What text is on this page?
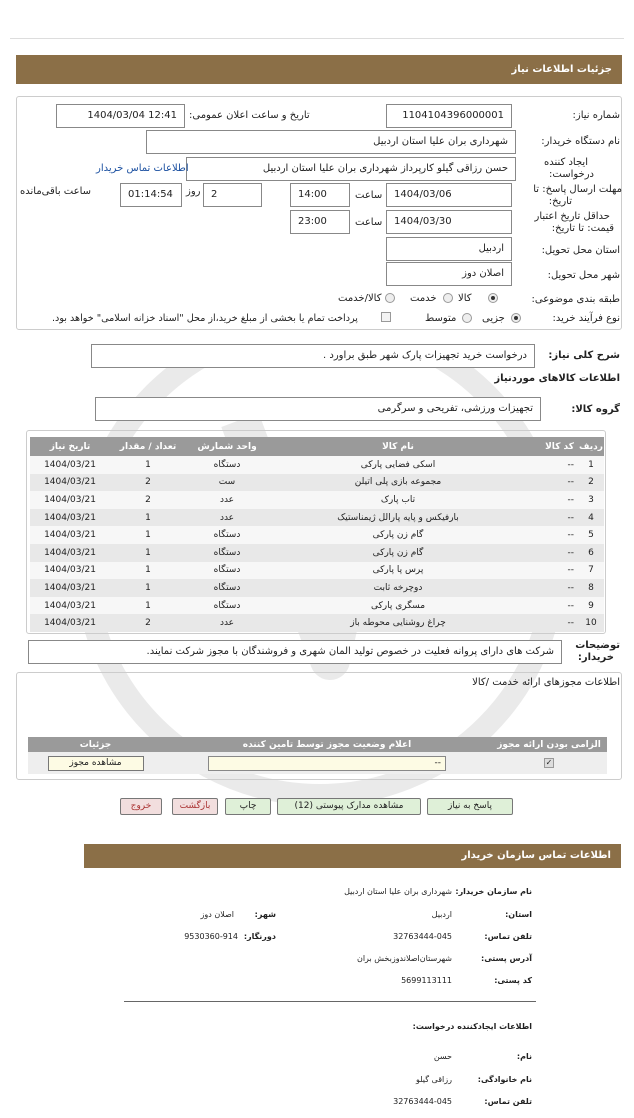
جزئیات اطلاعات نیاز
شماره نیاز:
1104104396000001
تاریخ و ساعت اعلان عمومی:
1404/03/04 12:41
نام دستگاه خریدار:
شهرداری بران علیا استان اردبیل
ایجاد کننده
درخواست:
حسن رزاقی گیلو کارپرداز شهرداری بران علیا استان اردبیل
اطلاعات تماس خریدار
مهلت ارسال پاسخ: تا
تاریخ:
1404/03/06
ساعت
14:00
2
روز
01:14:54
ساعت باقی‌مانده
حداقل تاریخ اعتبار
قیمت: تا تاریخ:
1404/03/30
ساعت
23:00
استان محل تحویل:
اردبیل
شهر محل تحویل:
اصلان دوز
طبقه بندی موضوعی:
کالا
خدمت
کالا/خدمت
نوع فرآیند خرید:
جزیی
متوسط
پرداخت تمام یا بخشی از مبلغ خرید،از محل "اسناد خزانه اسلامی" خواهد بود.
شرح کلی نیاز:
درخواست خرید تجهیزات پارک شهر طبق براورد .
اطلاعات کالاهای موردنیاز
گروه کالا:
تجهیزات ورزشی، تفریحی و سرگرمی
ردیف	کد کالا	نام کالا	واحد شمارش	تعداد / مقدار	تاریخ نیاز
1	--	اسکی فضایی پارکی	دستگاه	1	1404/03/21
2	--	مجموعه بازی پلی اتیلن	ست	2	1404/03/21
3	--	تاب پارک	عدد	2	1404/03/21
4	--	بارفیکس و پایه پارالل ژیمناستیک	عدد	1	1404/03/21
5	--	گام زن پارکی	دستگاه	1	1404/03/21
6	--	گام زن پارکی	دستگاه	1	1404/03/21
7	--	پرس پا پارکی	دستگاه	1	1404/03/21
8	--	دوچرخه ثابت	دستگاه	1	1404/03/21
9	--	مسگری پارکی	دستگاه	1	1404/03/21
10	--	چراغ روشنایی محوطه باز	عدد	2	1404/03/21
توضیحات
خریدار:
شرکت های دارای پروانه فعلیت در خصوص تولید المان شهری و فروشندگان با مجوز شرکت نمایند.
اطلاعات مجوزهای ارائه خدمت /کالا
الزامی بودن ارائه مجوز	اعلام وضعیت مجوز توسط تامین کننده	جزئیات
✓	--	مشاهده مجوز
پاسخ به نیاز
مشاهده مدارک پیوستی (12)
چاپ
بازگشت
خروج
اطلاعات تماس سازمان خریدار
نام سازمان خریدار:
شهرداری بران علیا استان اردبیل
استان:
اردبیل
شهر:
اصلان دوز
تلفن تماس:
32763444-045
دورنگار:
9530360-914
آدرس پستی:
شهرستان‌اصلاندوزبخش بران
کد پستی:
5699113111
اطلاعات ایجادکننده درخواست:
نام:
حسن
نام خانوادگی:
رزاقی گیلو
تلفن تماس:
32763444-045
